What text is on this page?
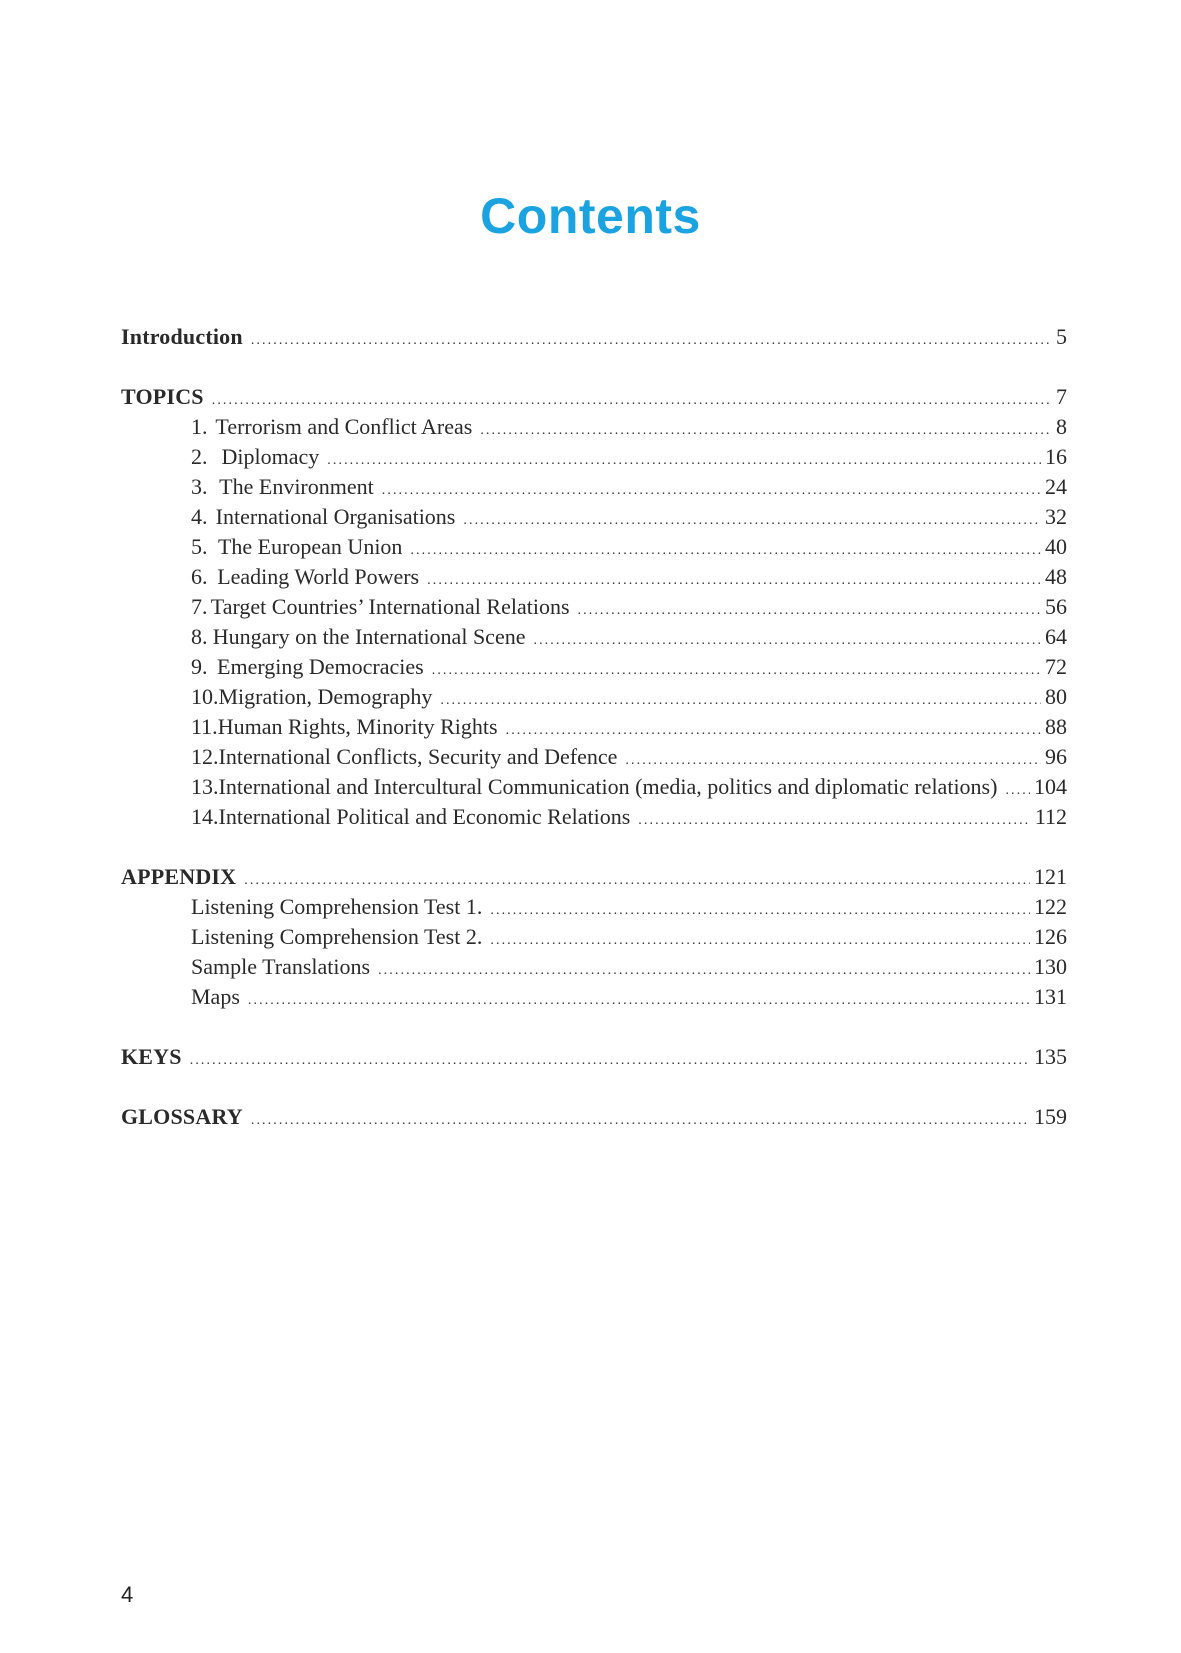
Contents
Introduction . . .	5
TOPICS . . .	7
1. Terrorism and Conflict Areas . . .	8
2. Diplomacy . . .	16
3. The Environment . . .	24
4. International Organisations . . .	32
5. The European Union . . .	40
6. Leading World Powers . . .	48
7. Target Countries’ International Relations . . .	56
8. Hungary on the International Scene . . .	64
9. Emerging Democracies . . .	72
10. Migration, Demography . . .	80
11. Human Rights, Minority Rights . . .	88
12. International Conflicts, Security and Defence . . .	96
13. International and Intercultural Communication (media, politics and diplomatic relations) . . . 104
14. International Political and Economic Relations . . .	112
APPENDIX . . .	121
Listening Comprehension Test 1. . . .	122
Listening Comprehension Test 2. . . .	126
Sample Translations . . .	130
Maps . . .	131
KEYS . . .	135
GLOSSARY . . .	159
4
